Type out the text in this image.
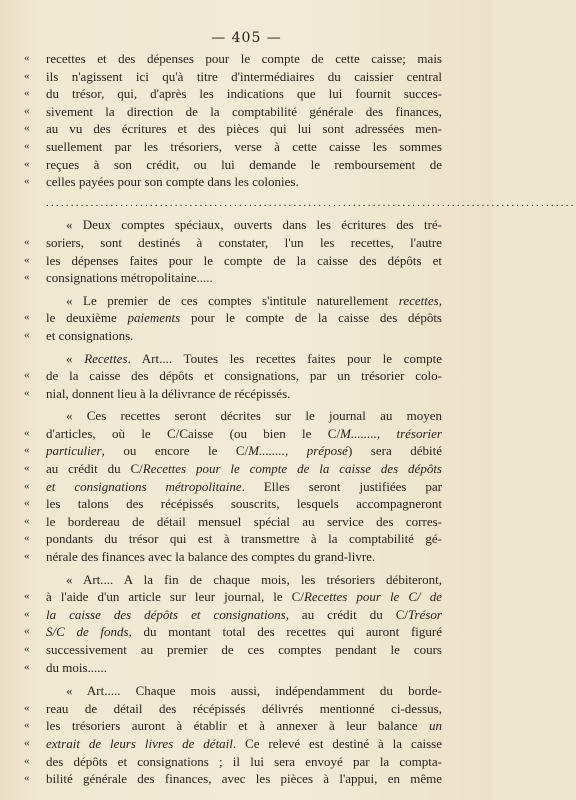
— 405 —
«	recettes et des dépenses pour le compte de cette caisse; mais
«	ils n'agissent ici qu'à titre d'intermédiaires du caissier central
«	du trésor, qui, d'après les indications que lui fournit succes-
«	sivement la direction de la comptabilité générale des finances,
«	au vu des écritures et des pièces qui lui sont adressées men-
«	suellement par les trésoriers, verse à cette caisse les sommes
«	reçues à son crédit, ou lui demande le remboursement de
«	celles payées pour son compte dans les colonies.
...........................................................................................................
« Deux comptes spéciaux, ouverts dans les écritures des tré-
«	soriers, sont destinés à constater, l'un les recettes, l'autre
«	les dépenses faites pour le compte de la caisse des dépôts et
«	consignations métropolitaine.....
« Le premier de ces comptes s'intitule naturellement recettes,
«	le deuxième paiements pour le compte de la caisse des dépôts
«	et consignations.
« Recettes. Art.... Toutes les recettes faites pour le compte
«	de la caisse des dépôts et consignations, par un trésorier colo-
«	nial, donnent lieu à la délivrance de récépissés.
« Ces recettes seront décrites sur le journal au moyen
«	d'articles, où le C/Caisse (ou bien le C/M........, trésorier
«	particulier, ou encore le C/M........, préposé) sera débité
«	au crédit du C/Recettes pour le compte de la caisse des dépôts
«	et consignations métropolitaine. Elles seront justifiées par
«	les talons des récépissés souscrits, lesquels accompagneront
«	le bordereau de détail mensuel spécial au service des corres-
«	pondants du trésor qui est à transmettre à la comptabilité gé-
«	nérale des finances avec la balance des comptes du grand-livre.
« Art.... A la fin de chaque mois, les trésoriers débiteront,
«	à l'aide d'un article sur leur journal, le C/Recettes pour le C/ de
«	la caisse des dépôts et consignations, au crédit du C/Trésor
«	S/C de fonds, du montant total des recettes qui auront figuré
«	successivement au premier de ces comptes pendant le cours
«	du mois......
« Art..... Chaque mois aussi, indépendamment du borde-
«	reau de détail des récépissés délivrés mentionné ci-dessus,
«	les trésoriers auront à établir et à annexer à leur balance un
«	extrait de leurs livres de détail. Ce relevé est destiné à la caisse
«	des dépôts et consignations ; il lui sera envoyé par la compta-
«	bilité générale des finances, avec les pièces à l'appui, en même
